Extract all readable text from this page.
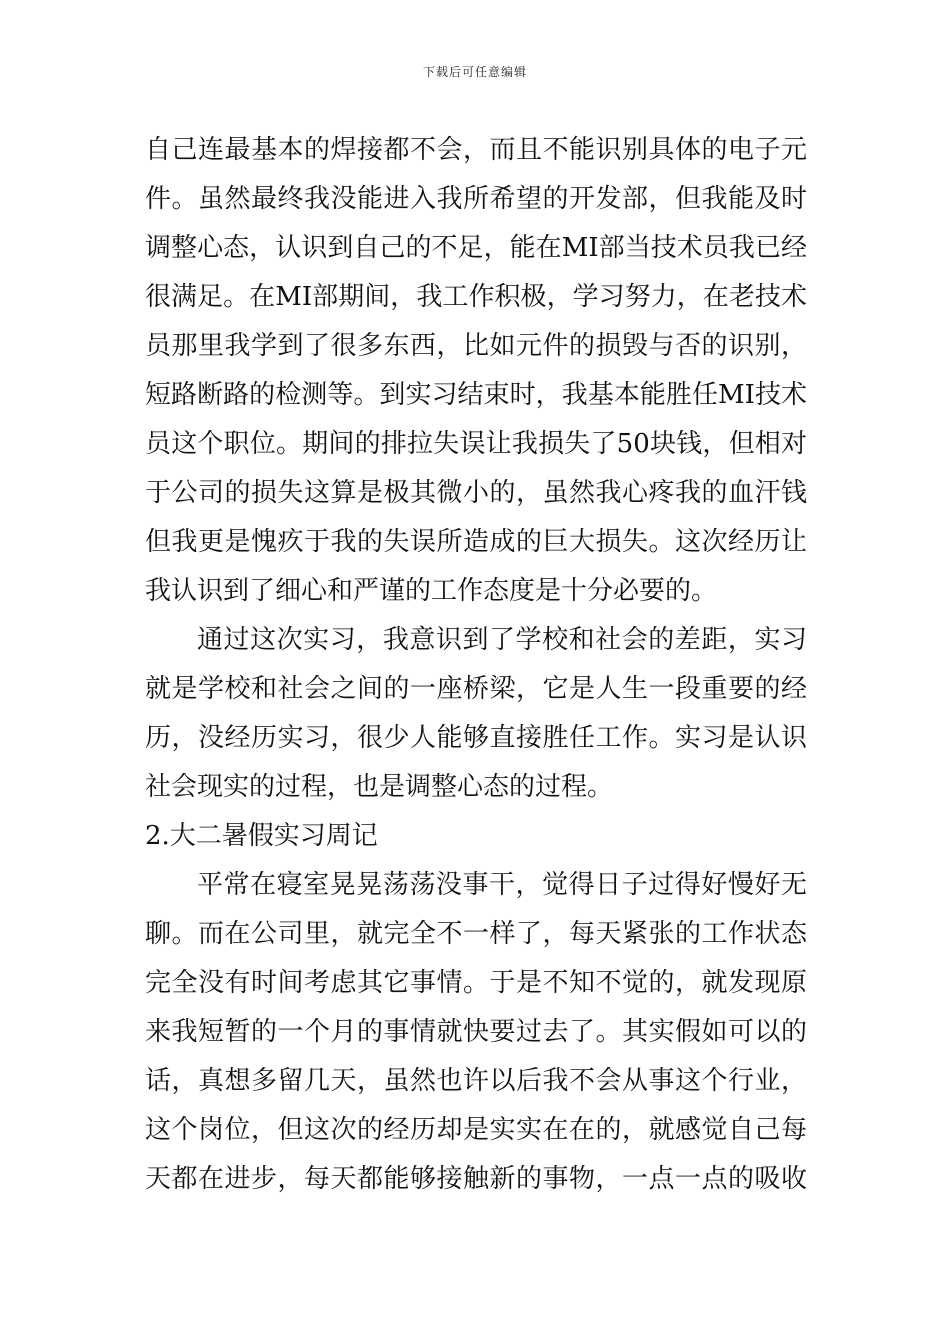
下载后可任意编辑
自己连最基本的焊接都不会，而且不能识别具体的电子元
件。虽然最终我没能进入我所希望的开发部，但我能及时
调整心态，认识到自己的不足，能在MI部当技术员我已经
很满足。在MI部期间，我工作积极，学习努力，在老技术
员那里我学到了很多东西，比如元件的损毁与否的识别，
短路断路的检测等。到实习结束时，我基本能胜任MI技术
员这个职位。期间的排拉失误让我损失了50块钱，但相对
于公司的损失这算是极其微小的，虽然我心疼我的血汗钱
但我更是愧疚于我的失误所造成的巨大损失。这次经历让
我认识到了细心和严谨的工作态度是十分必要的。
通过这次实习，我意识到了学校和社会的差距，实习
就是学校和社会之间的一座桥梁，它是人生一段重要的经
历，没经历实习，很少人能够直接胜任工作。实习是认识
社会现实的过程，也是调整心态的过程。
2.大二暑假实习周记
平常在寝室晃晃荡荡没事干，觉得日子过得好慢好无
聊。而在公司里，就完全不一样了，每天紧张的工作状态
完全没有时间考虑其它事情。于是不知不觉的，就发现原
来我短暂的一个月的事情就快要过去了。其实假如可以的
话，真想多留几天，虽然也许以后我不会从事这个行业，
这个岗位，但这次的经历却是实实在在的，就感觉自己每
天都在进步，每天都能够接触新的事物，一点一点的吸收
